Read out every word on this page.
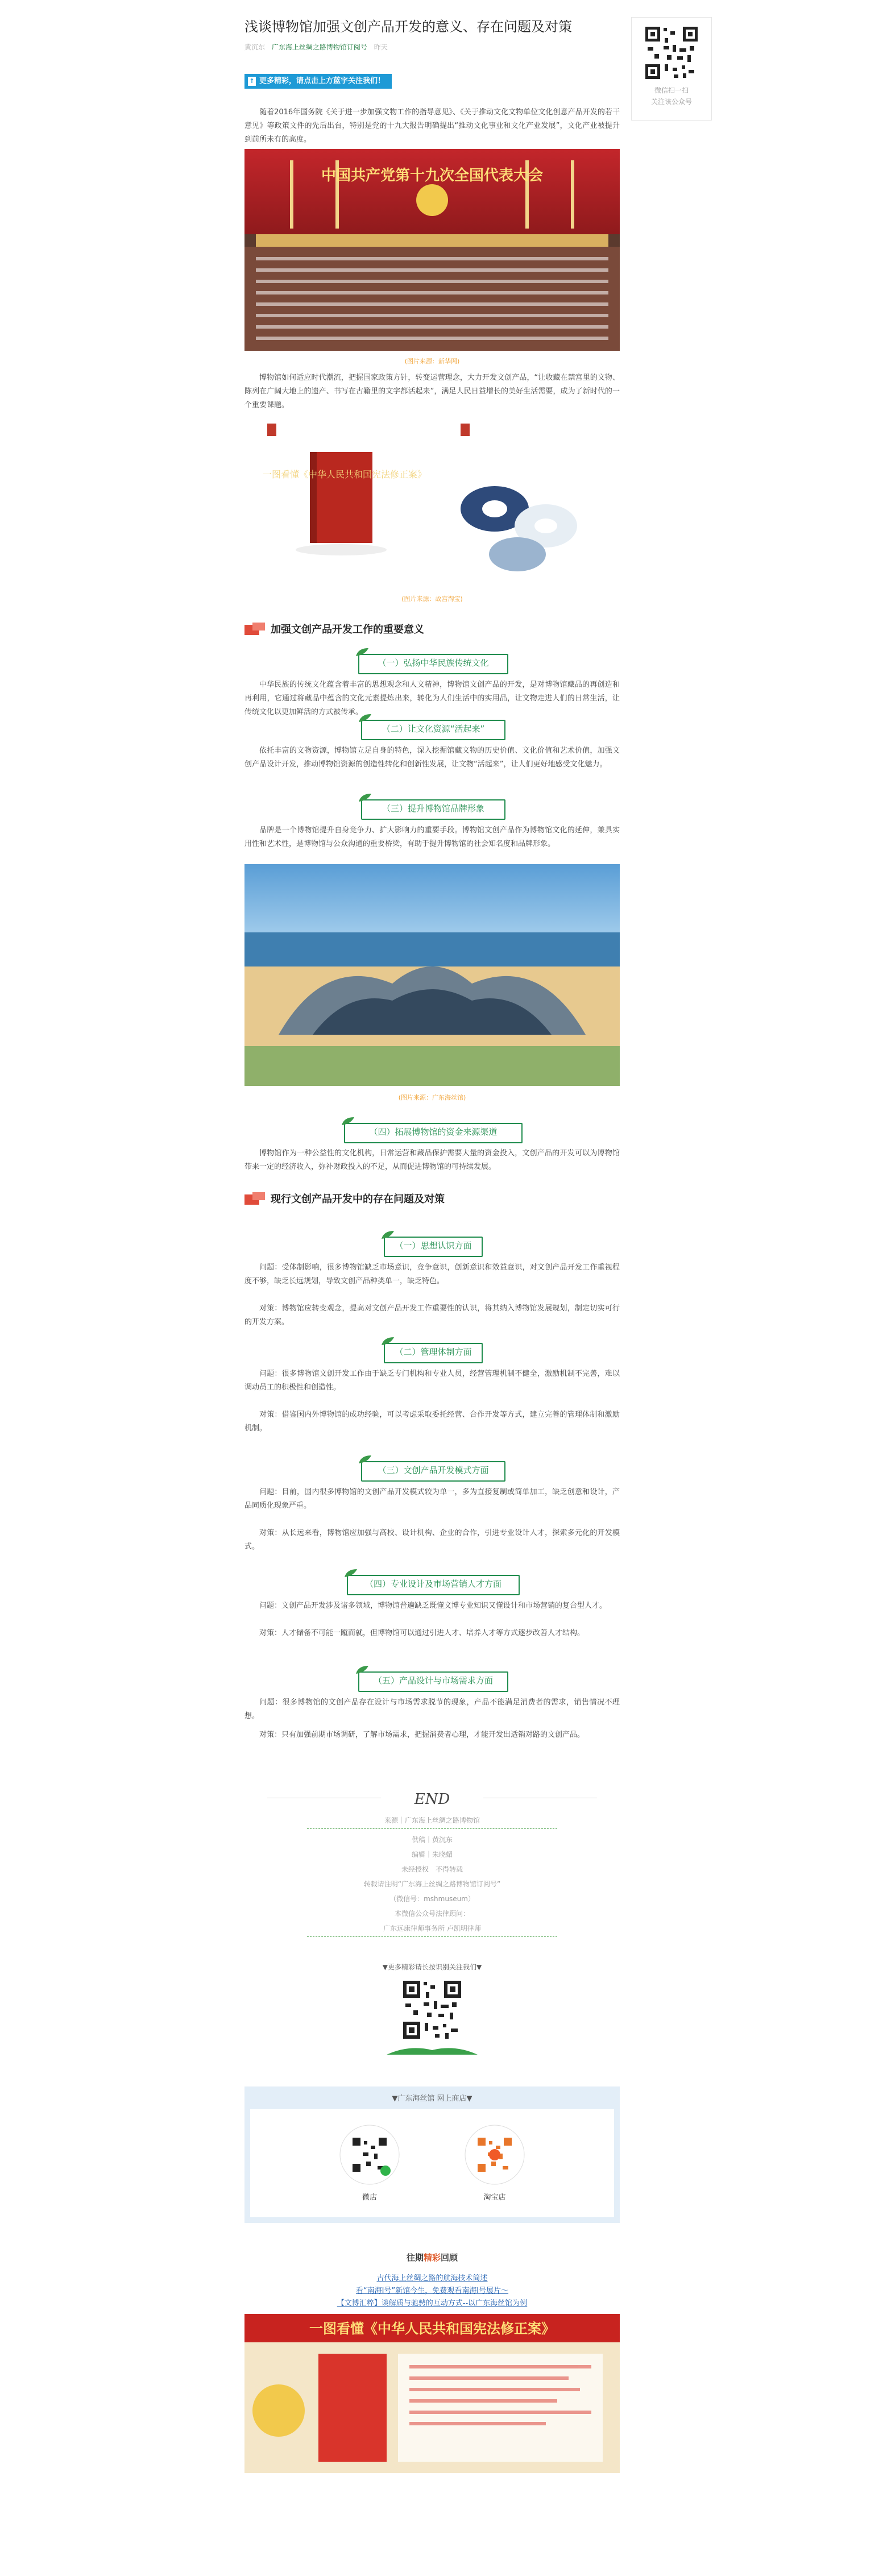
浅谈博物馆加强文创产品开发的意义、存在问题及对策
黄沉东 广东海上丝绸之路博物馆订阅号 昨天
↑ 更多精彩，请点击上方蓝字关注我们！

随着2016年国务院《关于进一步加强文物工作的指导意见》、《关于推动文化文物单位文化创意产品开发的若干意见》等政策文件的先后出台，特别是党的十九大报告明确提出“推动文化事业和文化产业发展”，文化产业被提升到前所未有的高度。

中国共产党第十九次全国代表大会
(图片来源：新华网)

博物馆如何适应时代潮流，把握国家政策方针，转变运营理念，大力开发文创产品，“让收藏在禁宫里的文物、陈列在广阔大地上的遗产、书写在古籍里的文字都活起来”，满足人民日益增长的美好生活需要，成为了新时代的一个重要课题。

一图看懂《中华人民共和国宪法修正案》
(图片来源：故宫淘宝)
加强文创产品开发工作的重要意义
（一）弘扬中华民族传统文化

中华民族的传统文化蕴含着丰富的思想观念和人文精神，博物馆文创产品的开发，是对博物馆藏品的再创造和再利用，它通过将藏品中蕴含的文化元素提炼出来，转化为人们生活中的实用品，让文物走进人们的日常生活，让传统文化以更加鲜活的方式被传承。

（二）让文化资源“活起来”

依托丰富的文物资源，博物馆立足自身的特色，深入挖掘馆藏文物的历史价值、文化价值和艺术价值，加强文创产品设计开发，推动博物馆资源的创造性转化和创新性发展，让文物“活起来”，让人们更好地感受文化魅力。

（三）提升博物馆品牌形象

品牌是一个博物馆提升自身竞争力、扩大影响力的重要手段。博物馆文创产品作为博物馆文化的延伸，兼具实用性和艺术性，是博物馆与公众沟通的重要桥梁，有助于提升博物馆的社会知名度和品牌形象。

(图片来源：广东海丝馆)
（四）拓展博物馆的资金来源渠道

博物馆作为一种公益性的文化机构，日常运营和藏品保护需要大量的资金投入，文创产品的开发可以为博物馆带来一定的经济收入，弥补财政投入的不足，从而促进博物馆的可持续发展。

现行文创产品开发中的存在问题及对策
（一）思想认识方面

问题：受体制影响，很多博物馆缺乏市场意识，竞争意识，创新意识和效益意识，对文创产品开发工作重视程度不够，缺乏长远规划，导致文创产品种类单一，缺乏特色。

对策：博物馆应转变观念，提高对文创产品开发工作重要性的认识，将其纳入博物馆发展规划，制定切实可行的开发方案。

（二）管理体制方面

问题：很多博物馆文创开发工作由于缺乏专门机构和专业人员，经营管理机制不健全，激励机制不完善，难以调动员工的积极性和创造性。

对策：借鉴国内外博物馆的成功经验，可以考虑采取委托经营、合作开发等方式，建立完善的管理体制和激励机制。

（三）文创产品开发模式方面

问题：目前，国内很多博物馆的文创产品开发模式较为单一，多为直接复制或简单加工，缺乏创意和设计，产品同质化现象严重。

对策：从长远来看，博物馆应加强与高校、设计机构、企业的合作，引进专业设计人才，探索多元化的开发模式。

（四）专业设计及市场营销人才方面

问题：文创产品开发涉及诸多领域，博物馆普遍缺乏既懂文博专业知识又懂设计和市场营销的复合型人才。

对策：人才储备不可能一蹴而就，但博物馆可以通过引进人才、培养人才等方式逐步改善人才结构。

（五）产品设计与市场需求方面

问题：很多博物馆的文创产品存在设计与市场需求脱节的现象，产品不能满足消费者的需求，销售情况不理想。

对策：只有加强前期市场调研，了解市场需求，把握消费者心理，才能开发出适销对路的文创产品。

END
来源｜广东海上丝绸之路博物馆
供稿｜黄沉东
编辑｜朱晓媚
未经授权　不得转载
转载请注明“广东海上丝绸之路博物馆订阅号”
（微信号：mshmuseum）
本微信公众号法律顾问：
广东远康律师事务所 卢凯明律师
▼更多精彩请长按识别关注我们▼
▼广东海丝馆 网上商店▼
微店	淘宝店
往期精彩回顾
古代海上丝绸之路的航海技术简述
看“南海Ⅰ号”新馆今生，免费观看南海Ⅰ号展片～
【文博汇粹】谈解质与驰骋的互动方式--以广东海丝馆为例
一图看懂《中华人民共和国宪法修正案》
微信扫一扫
关注该公众号
